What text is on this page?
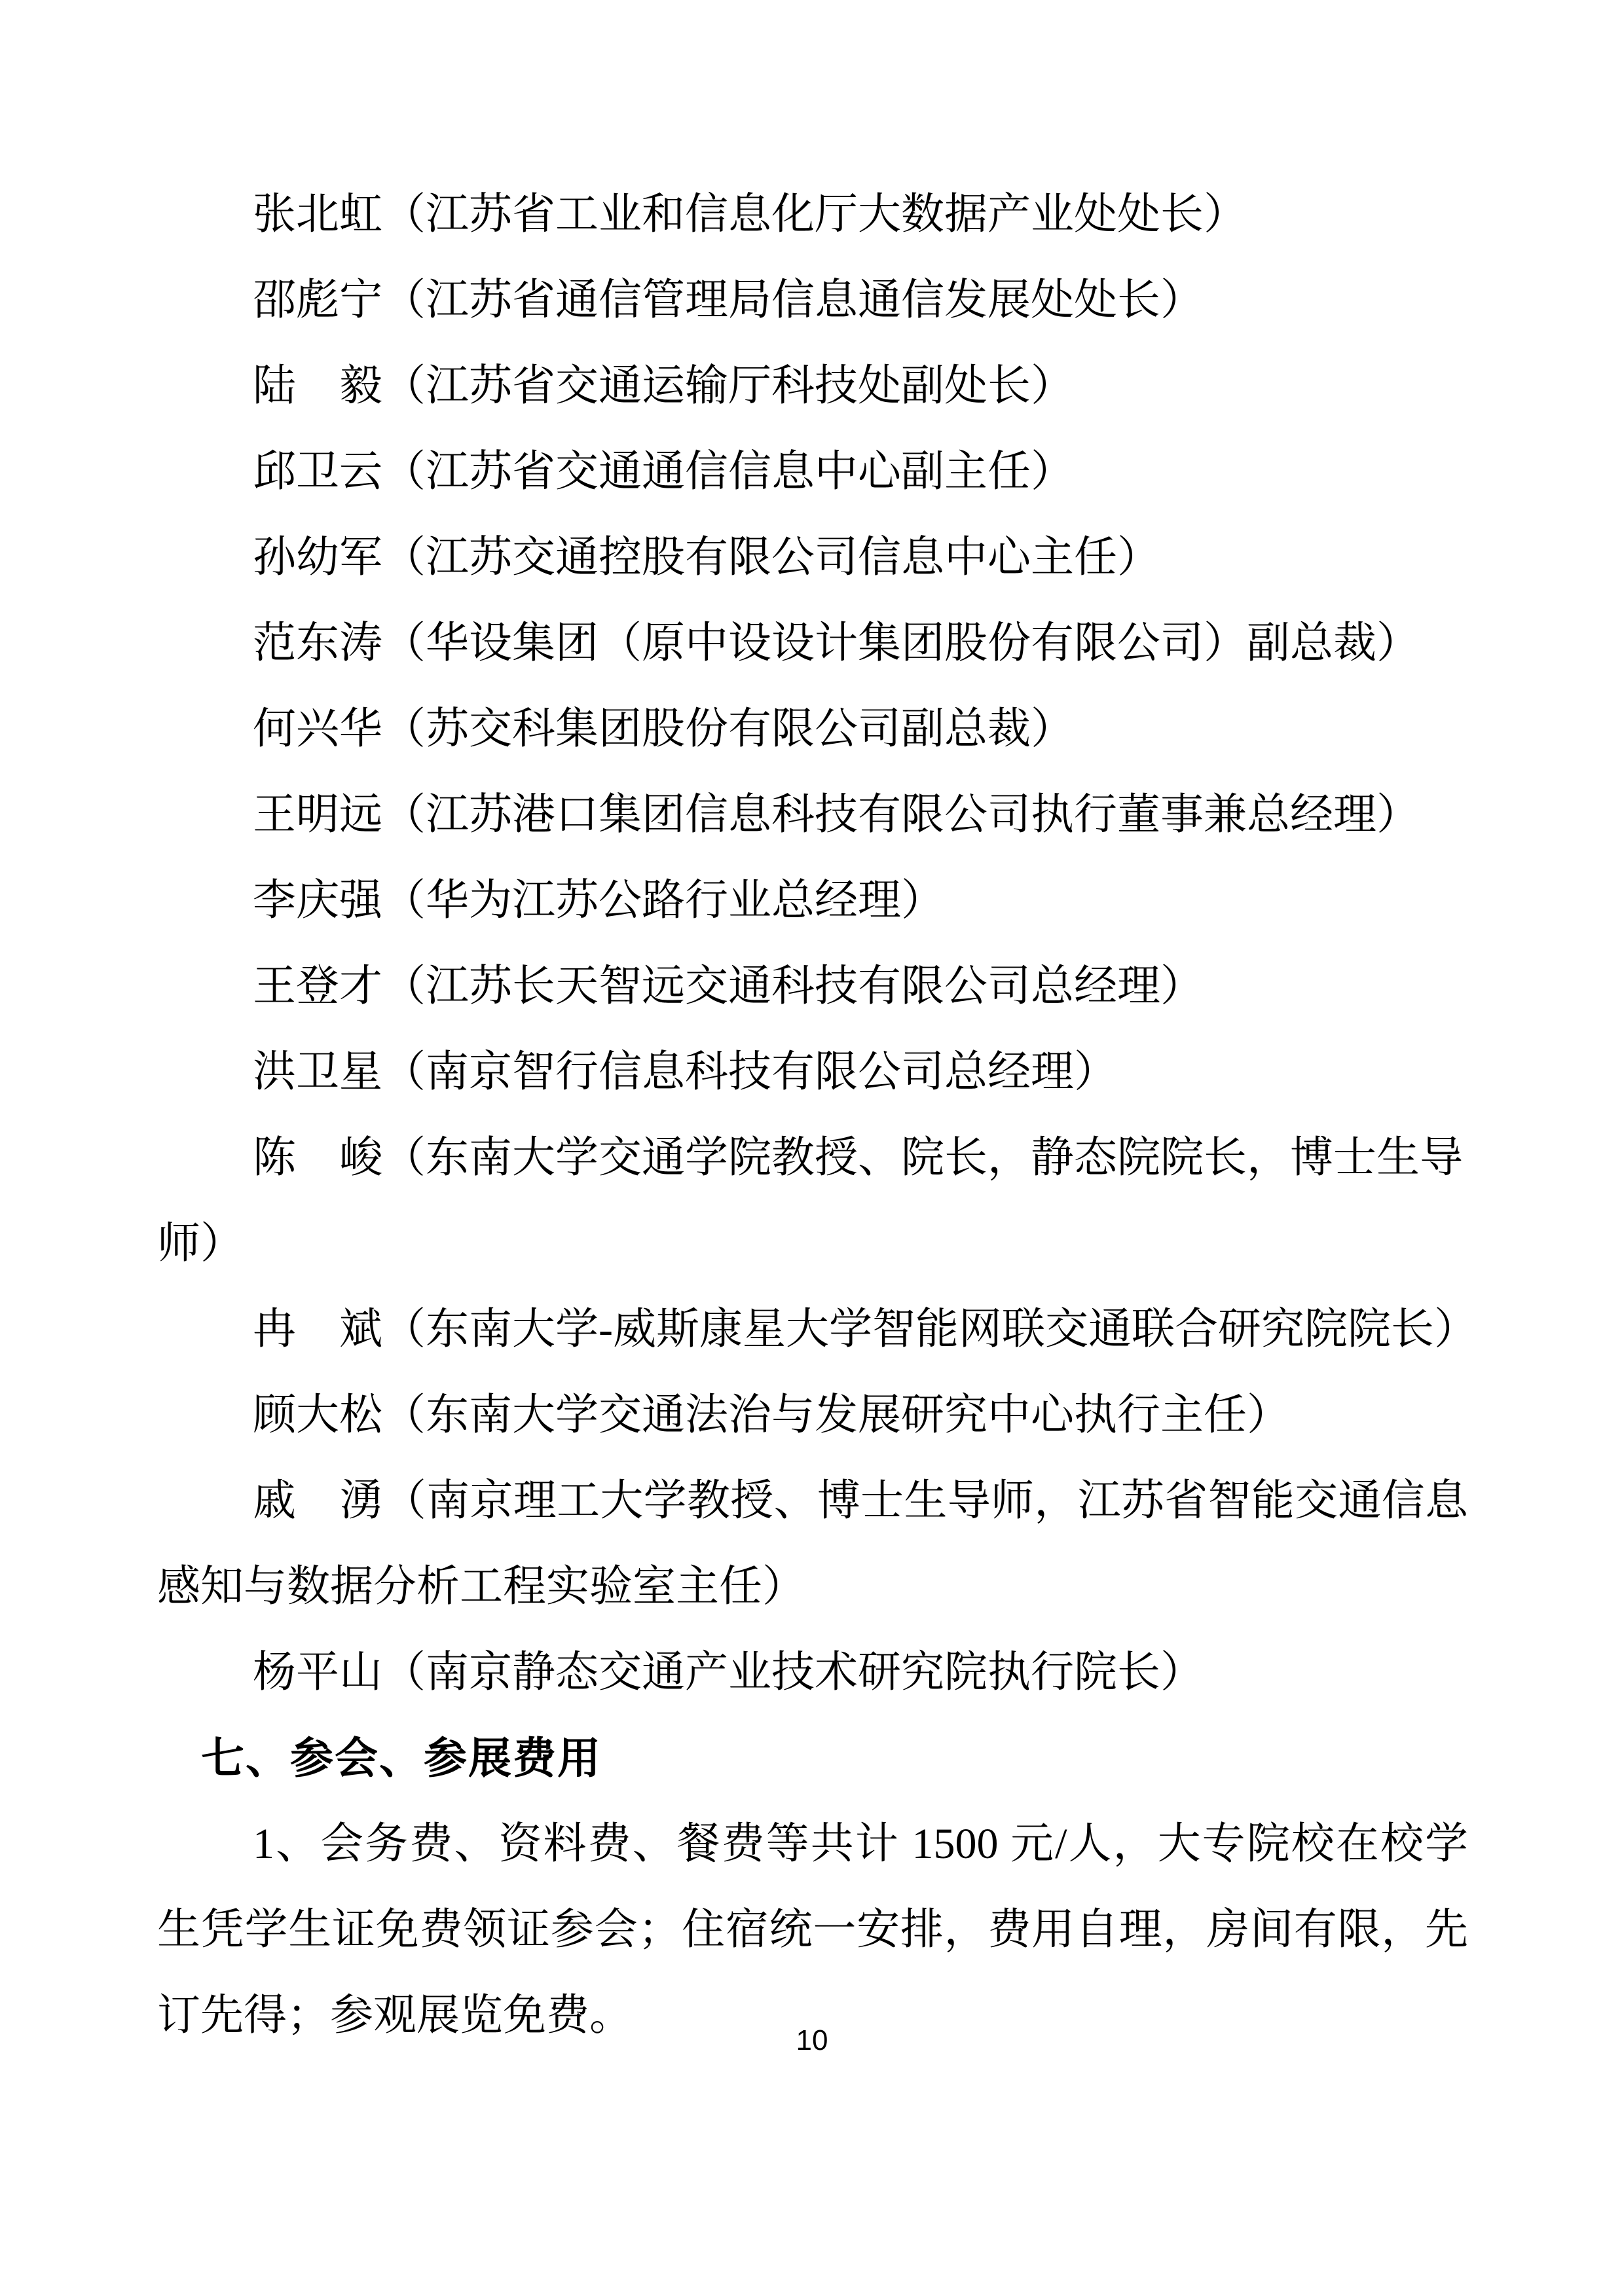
张北虹（江苏省工业和信息化厅大数据产业处处长）
邵彪宁（江苏省通信管理局信息通信发展处处长）
陆　毅（江苏省交通运输厅科技处副处长）
邱卫云（江苏省交通通信信息中心副主任）
孙幼军（江苏交通控股有限公司信息中心主任）
范东涛（华设集团（原中设设计集团股份有限公司）副总裁）
何兴华（苏交科集团股份有限公司副总裁）
王明远（江苏港口集团信息科技有限公司执行董事兼总经理）
李庆强（华为江苏公路行业总经理）
王登才（江苏长天智远交通科技有限公司总经理）
洪卫星（南京智行信息科技有限公司总经理）
陈　峻（东南大学交通学院教授、院长，静态院院长，博士生导师）
冉　斌（东南大学-威斯康星大学智能网联交通联合研究院院长）
顾大松（东南大学交通法治与发展研究中心执行主任）
戚　湧（南京理工大学教授、博士生导师，江苏省智能交通信息
感知与数据分析工程实验室主任）
杨平山（南京静态交通产业技术研究院执行院长）
七、参会、参展费用
1、会务费、资料费、餐费等共计 1500 元/人，大专院校在校学
生凭学生证免费领证参会；住宿统一安排，费用自理，房间有限，先
订先得；参观展览免费。
10
